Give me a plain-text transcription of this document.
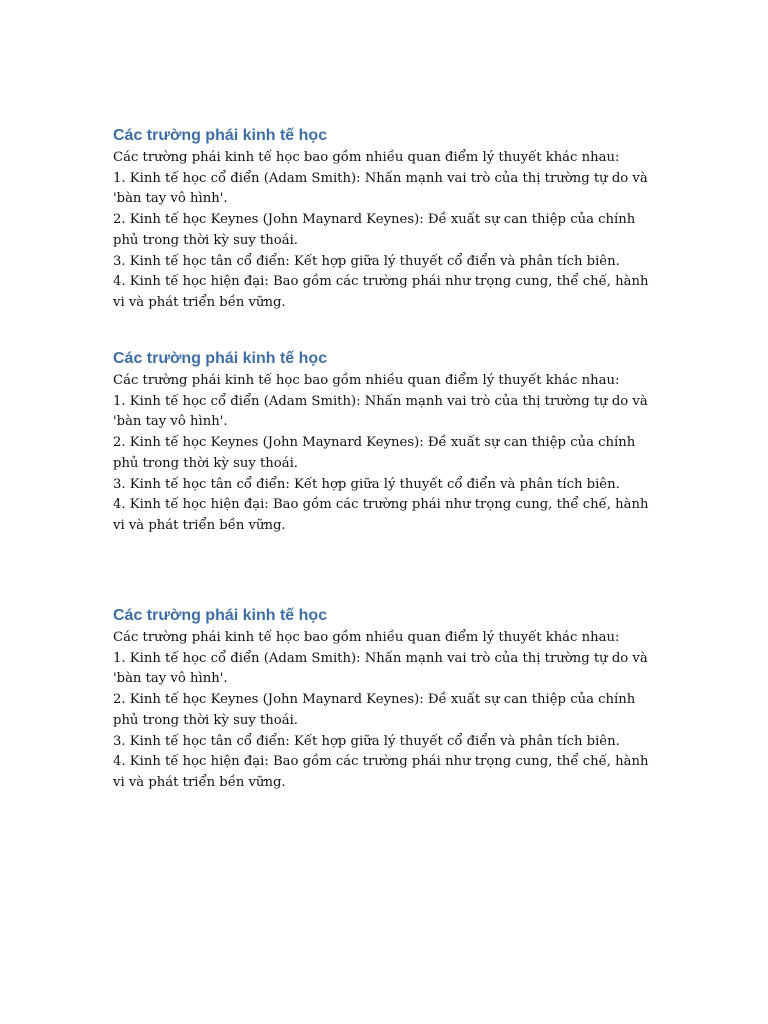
Các trường phái kinh tế học

Các trường phái kinh tế học bao gồm nhiều quan điểm lý thuyết khác nhau:

1. Kinh tế học cổ điển (Adam Smith): Nhấn mạnh vai trò của thị trường tự do và 'bàn tay vô hình'.

2. Kinh tế học Keynes (John Maynard Keynes): Đề xuất sự can thiệp của chính phủ trong thời kỳ suy thoái.

3. Kinh tế học tân cổ điển: Kết hợp giữa lý thuyết cổ điển và phân tích biên.

4. Kinh tế học hiện đại: Bao gồm các trường phái như trọng cung, thể chế, hành vi và phát triển bền vững.

Các trường phái kinh tế học

Các trường phái kinh tế học bao gồm nhiều quan điểm lý thuyết khác nhau:

1. Kinh tế học cổ điển (Adam Smith): Nhấn mạnh vai trò của thị trường tự do và 'bàn tay vô hình'.

2. Kinh tế học Keynes (John Maynard Keynes): Đề xuất sự can thiệp của chính phủ trong thời kỳ suy thoái.

3. Kinh tế học tân cổ điển: Kết hợp giữa lý thuyết cổ điển và phân tích biên.

4. Kinh tế học hiện đại: Bao gồm các trường phái như trọng cung, thể chế, hành vi và phát triển bền vững.

Các trường phái kinh tế học

Các trường phái kinh tế học bao gồm nhiều quan điểm lý thuyết khác nhau:

1. Kinh tế học cổ điển (Adam Smith): Nhấn mạnh vai trò của thị trường tự do và 'bàn tay vô hình'.

2. Kinh tế học Keynes (John Maynard Keynes): Đề xuất sự can thiệp của chính phủ trong thời kỳ suy thoái.

3. Kinh tế học tân cổ điển: Kết hợp giữa lý thuyết cổ điển và phân tích biên.

4. Kinh tế học hiện đại: Bao gồm các trường phái như trọng cung, thể chế, hành vi và phát triển bền vững.
